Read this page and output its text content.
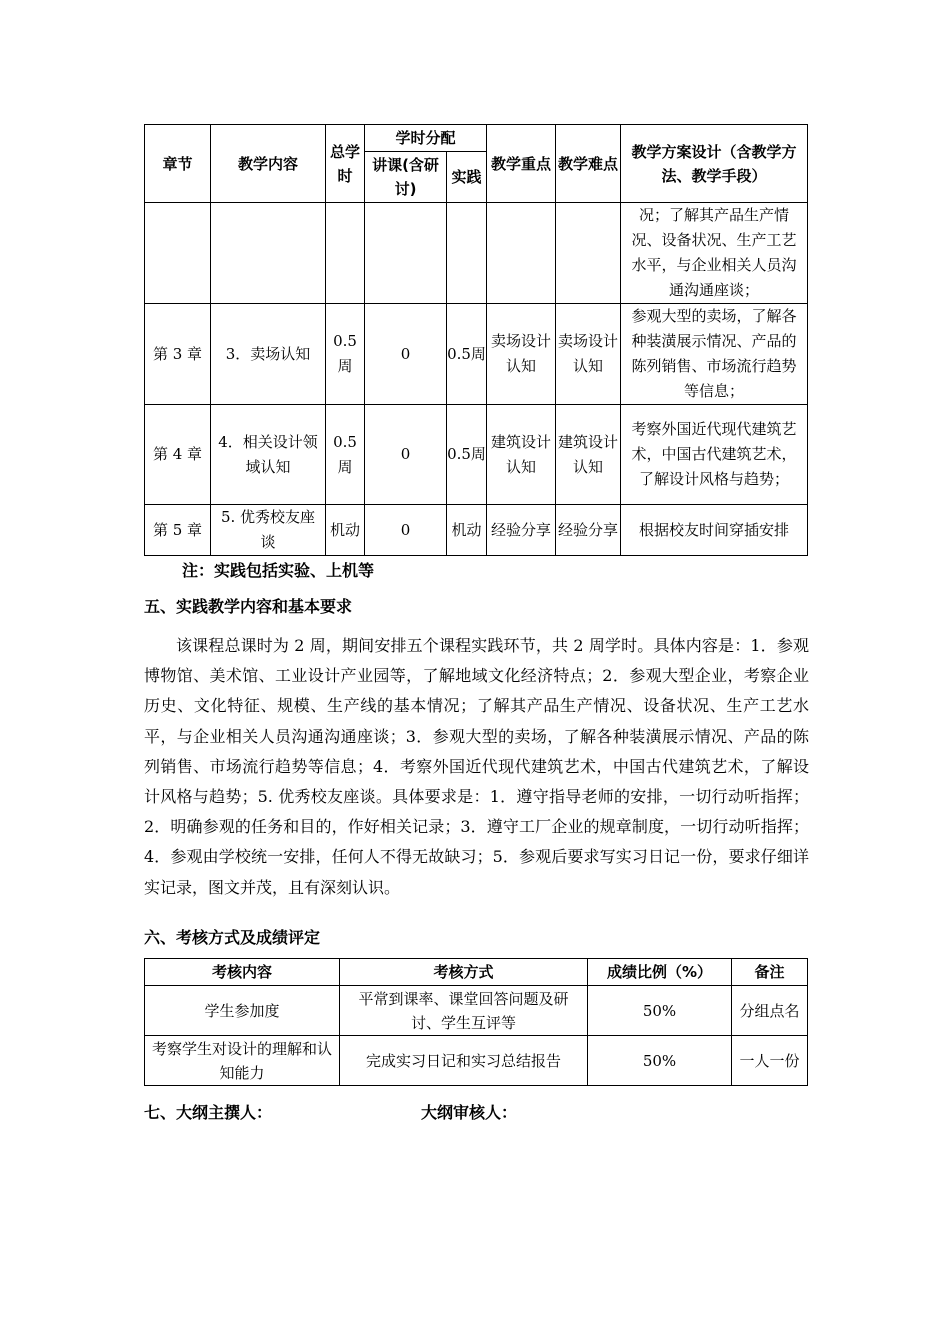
章节	教学内容	总学时	学时分配		教学重点	教学难点	教学方案设计（含教学方法、教学手段）
			讲课(含研讨)	实践			
							况；了解其产品生产情况、设备状况、生产工艺水平，与企业相关人员沟通沟通座谈；
第 3 章	3．卖场认知	0.5周	0	0.5周	卖场设计认知	卖场设计认知	参观大型的卖场，了解各种装潢展示情况、产品的陈列销售、市场流行趋势等信息；
第 4 章	4．相关设计领域认知	0.5周	0	0.5周	建筑设计认知	建筑设计认知	考察外国近代现代建筑艺术，中国古代建筑艺术，了解设计风格与趋势；
第 5 章	5. 优秀校友座谈	机动	0	机动	经验分享	经验分享	根据校友时间穿插安排
注：实践包括实验、上机等
五、实践教学内容和基本要求

该课程总课时为 2 周，期间安排五个课程实践环节，共 2 周学时。具体内容是：1．参观博物馆、美术馆、工业设计产业园等，了解地域文化经济特点；2．参观大型企业，考察企业历史、文化特征、规模、生产线的基本情况；了解其产品生产情况、设备状况、生产工艺水平，与企业相关人员沟通沟通座谈；3．参观大型的卖场，了解各种装潢展示情况、产品的陈列销售、市场流行趋势等信息；4．考察外国近代现代建筑艺术，中国古代建筑艺术，了解设计风格与趋势；5. 优秀校友座谈。具体要求是：1．遵守指导老师的安排，一切行动听指挥；2．明确参观的任务和目的，作好相关记录；3．遵守工厂企业的规章制度，一切行动听指挥；4．参观由学校统一安排，任何人不得无故缺习；5．参观后要求写实习日记一份，要求仔细详实记录，图文并茂，且有深刻认识。

六、考核方式及成绩评定
考核内容	考核方式	成绩比例（%）	备注
学生参加度	平常到课率、课堂回答问题及研讨、学生互评等	50%	分组点名
考察学生对设计的理解和认知能力	完成实习日记和实习总结报告	50%	一人一份
七、大纲主撰人：	大纲审核人：
